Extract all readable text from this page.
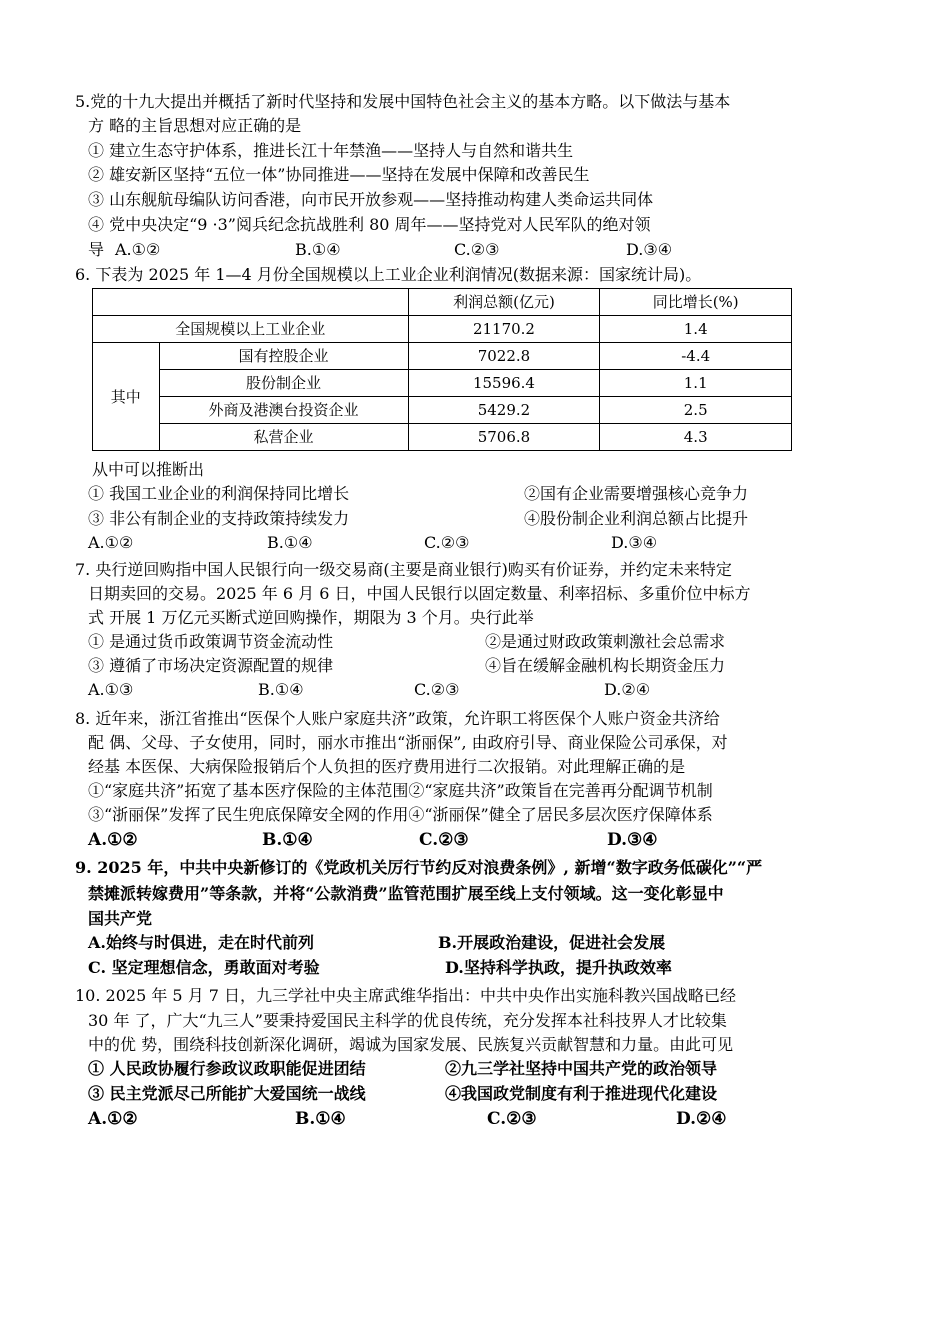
5.党的十九大提出并概括了新时代坚持和发展中国特色社会主义的基本方略。以下做法与基本
方 略的主旨思想对应正确的是
① 建立生态守护体系，推进长江十年禁渔——坚持人与自然和谐共生
② 雄安新区坚持“五位一体”协同推进——坚持在发展中保障和改善民生
③ 山东舰航母编队访问香港，向市民开放参观——坚持推动构建人类命运共同体
④ 党中央决定“9 ·3”阅兵纪念抗战胜利 80 周年——坚持党对人民军队的绝对领
导 A.①②	B.①④	C.②③	D.③④
6. 下表为 2025 年 1—4 月份全国规模以上工业企业利润情况(数据来源：国家统计局)。
		利润总额(亿元)	同比增长(%)
全国规模以上工业企业		21170.2	1.4
其中	国有控股企业	7022.8	-4.4
	股份制企业	15596.4	1.1
	外商及港澳台投资企业	5429.2	2.5
	私营企业	5706.8	4.3
从中可以推断出
① 我国工业企业的利润保持同比增长	②国有企业需要增强核心竞争力
③ 非公有制企业的支持政策持续发力	④股份制企业利润总额占比提升
A.①②	B.①④	C.②③	D.③④
7. 央行逆回购指中国人民银行向一级交易商(主要是商业银行)购买有价证券，并约定未来特定
日期卖回的交易。2025 年 6 月 6 日，中国人民银行以固定数量、利率招标、多重价位中标方
式 开展 1 万亿元买断式逆回购操作，期限为 3 个月。央行此举
① 是通过货币政策调节资金流动性	②是通过财政政策刺激社会总需求
③ 遵循了市场决定资源配置的规律	④旨在缓解金融机构长期资金压力
A.①③	B.①④	C.②③	D.②④
8. 近年来，浙江省推出“医保个人账户家庭共济”政策，允许职工将医保个人账户资金共济给
配 偶、父母、子女使用，同时，丽水市推出“浙丽保”, 由政府引导、商业保险公司承保，对
经基 本医保、大病保险报销后个人负担的医疗费用进行二次报销。对此理解正确的是
①“家庭共济”拓宽了基本医疗保险的主体范围②“家庭共济”政策旨在完善再分配调节机制
③“浙丽保”发挥了民生兜底保障安全网的作用④“浙丽保”健全了居民多层次医疗保障体系
A.①②	B.①④	C.②③	D.③④
9. 2025 年，中共中央新修订的《党政机关厉行节约反对浪费条例》, 新增“数字政务低碳化”“严
禁摊派转嫁费用”等条款，并将“公款消费”监管范围扩展至线上支付领域。这一变化彰显中
国共产党
A.始终与时俱进，走在时代前列	B.开展政治建设，促进社会发展
C. 坚定理想信念，勇敢面对考验	D.坚持科学执政，提升执政效率
10. 2025 年 5 月 7 日，九三学社中央主席武维华指出：中共中央作出实施科教兴国战略已经
30 年 了，广大“九三人”要秉持爱国民主科学的优良传统，充分发挥本社科技界人才比较集
中的优 势，围绕科技创新深化调研，竭诚为国家发展、民族复兴贡献智慧和力量。由此可见
① 人民政协履行参政议政职能促进团结	②九三学社坚持中国共产党的政治领导
③ 民主党派尽己所能扩大爱国统一战线	④我国政党制度有利于推进现代化建设
A.①②	B.①④	C.②③	D.②④
